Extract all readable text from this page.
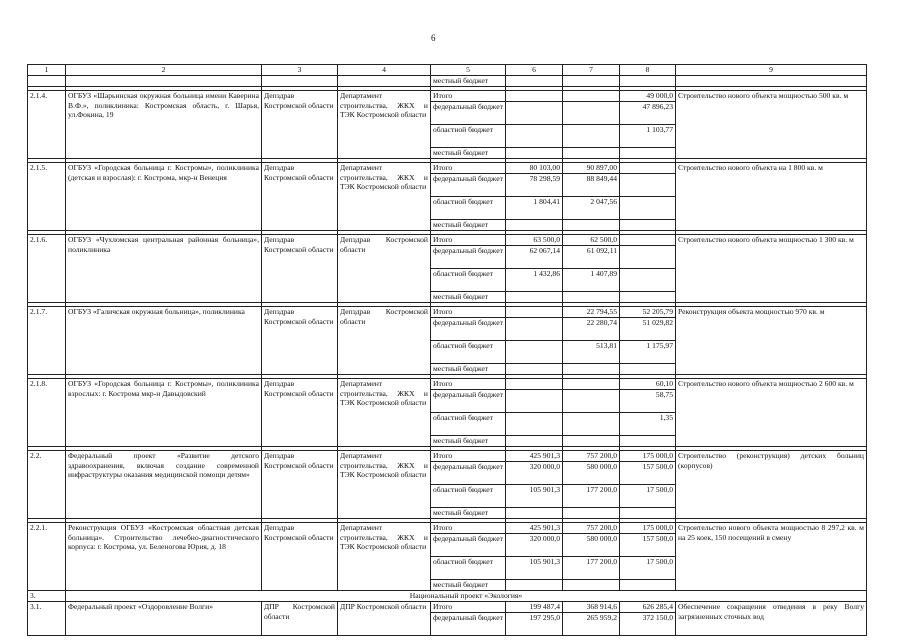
6
1	2	3	4	5	6	7	8	9
				местный бюджет				

2.1.4.	ОГБУЗ «Шарьинская окружная больница имени Каверина В.Ф.», поликлиника: Костромская область, г. Шарья, ул.Фокина, 19	Депздрав Костромской области	Департамент строительства, ЖКХ и ТЭК Костромской области	Итого			49 000,0	Строительство нового объекта мощностью 500 кв. м
				федеральный бюджет			47 896,23	
				областной бюджет			1 103,77	
				местный бюджет				

2.1.5.	ОГБУЗ «Городская больница г. Костромы», поликлиника (детская и взрослая): г. Кострома, мкр-н Венеция	Депздрав Костромской области	Департамент строительства, ЖКХ и ТЭК Костромской области	Итого	80 103,00	90 897,00		Строительство нового объекта на 1 800 кв. м
				федеральный бюджет	78 298,59	88 849,44		
				областной бюджет	1 804,41	2 047,56		
				местный бюджет				

2.1.6.	ОГБУЗ «Чухломская центральная районная больница», поликлиника	Депздрав Костромской области	Депздрав Костромской области	Итого	63 500,0	62 500,0		Строительство нового объекта мощностью 1 300 кв. м
				федеральный бюджет	62 067,14	61 092,11		
				областной бюджет	1 432,86	1 407,89		
				местный бюджет				

2.1.7.	ОГБУЗ «Галичская окружная больница», поликлиника	Депздрав Костромской области	Депздрав Костромской области	Итого		22 794,55	52 205,79	Реконструкция объекта мощностью 970 кв. м
				федеральный бюджет		22 280,74	51 029,82	
				областной бюджет		513,81	1 175,97	
				местный бюджет				

2.1.8.	ОГБУЗ «Городская больница г. Костромы», поликлиника взрослых: г. Кострома мкр-н Давыдовский	Депздрав Костромской области	Департамент строительства, ЖКХ и ТЭК Костромской области	Итого			60,10	Строительство нового объекта мощностью 2 600 кв. м
				федеральный бюджет			58,75	
				областной бюджет			1,35	
				местный бюджет				

2.2.	Федеральный проект «Развитие детского здравоохранения, включая создание современной инфраструктуры оказания медицинской помощи детям»	Депздрав Костромской области	Департамент строительства, ЖКХ и ТЭК Костромской области	Итого	425 901,3	757 200,0	175 000,0	Строительство (реконструкция) детских больниц (корпусов)
				федеральный бюджет	320 000,0	580 000,0	157 500,0	
				областной бюджет	105 901,3	177 200,0	17 500,0	
				местный бюджет				

2.2.1.	Реконструкция ОГБУЗ «Костромская областная детская больница». Строительство лечебно-диагностического корпуса: г. Кострома, ул. Беленогова Юрия, д. 18	Депздрав Костромской области	Департамент строительства, ЖКХ и ТЭК Костромской области	Итого	425 901,3	757 200,0	175 000,0	Строительство нового объекта мощностью 8 297,2 кв. м на 25 коек, 150 посещений в смену
				федеральный бюджет	320 000,0	580 000,0	157 500,0	
				областной бюджет	105 901,3	177 200,0	17 500,0	
				местный бюджет				
3.	Национальный проект «Экология»							
3.1.	Федеральный проект «Оздоровление Волги»	ДПР Костромской области	ДПР Костромской области	Итого	199 487,4	368 914,6	626 285,4	Обеспечение сокращения отведения в реку Волгу загрязненных сточных вод
				федеральный бюджет	197 295,0	265 959,2	372 150,0	
